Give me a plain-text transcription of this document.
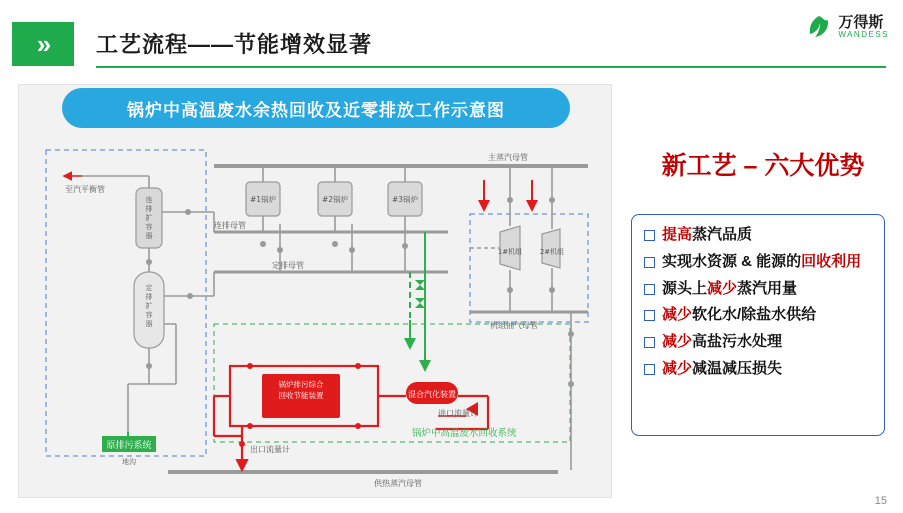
» 工艺流程——节能增效显著
万得斯
WANDESS
#1锅炉	#2锅炉	#3锅炉
1#机组	2#机组
连
排
扩
容
器
定
排
扩
容
器
原排污系统
地沟
锅炉排污综合
回收节能装置	混合汽化装置
主蒸汽母管
至汽平衡管
连排母管
定排母管
机组抽气母管
出口流量计
进口流量计
供热蒸汽母管
锅炉中高温废水回收系统
锅炉中高温废水余热回收及近零排放工作示意图
新工艺 – 六大优势
提高蒸汽品质
实现水资源 & 能源的回收利用
源头上减少蒸汽用量
减少软化水/除盐水供给
减少高盐污水处理
减少减温减压损失
15
